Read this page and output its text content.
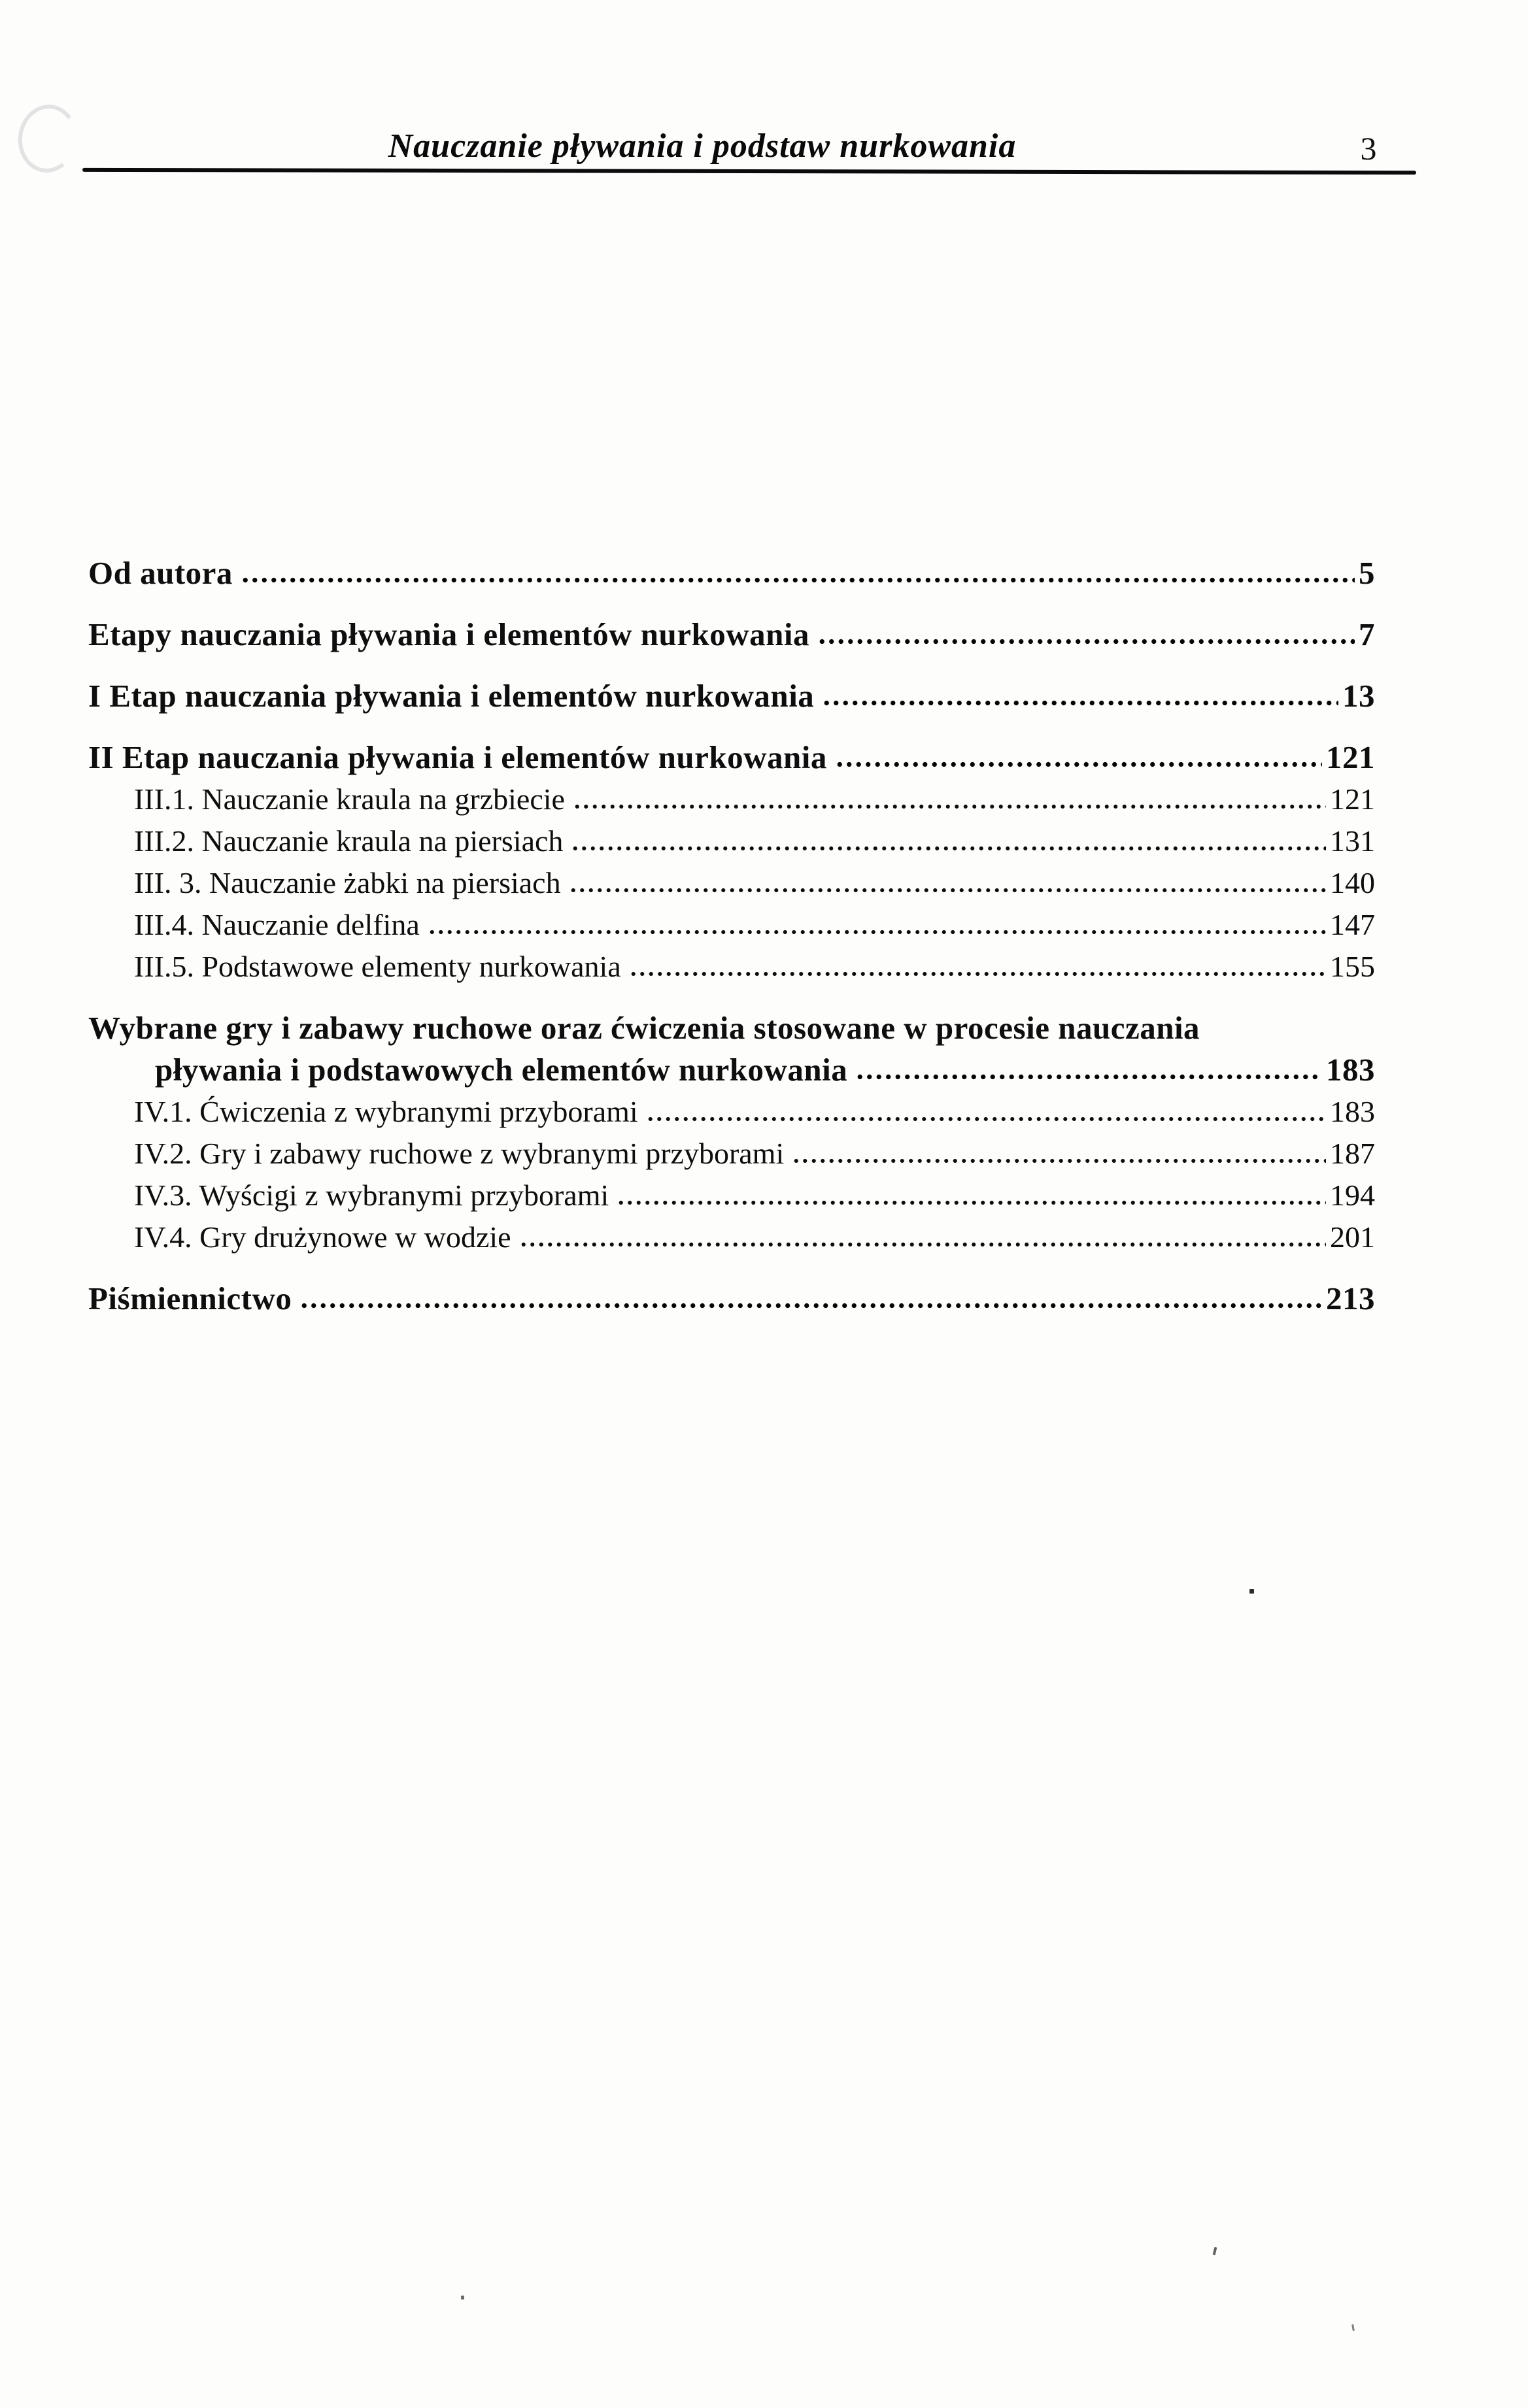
Nauczanie pływania i podstaw nurkowania	3
Od autora	5
Etapy nauczania pływania i elementów nurkowania	7
I Etap nauczania pływania i elementów nurkowania	13
II Etap nauczania pływania i elementów nurkowania	121
III.1. Nauczanie kraula na grzbiecie	121
III.2. Nauczanie kraula na piersiach	131
III. 3. Nauczanie żabki na piersiach	140
III.4. Nauczanie delfina	147
III.5. Podstawowe elementy nurkowania	155
Wybrane gry i zabawy ruchowe oraz ćwiczenia stosowane w procesie nauczania
pływania i podstawowych elementów nurkowania	183
IV.1. Ćwiczenia z wybranymi przyborami	183
IV.2. Gry i zabawy ruchowe z wybranymi przyborami	187
IV.3. Wyścigi z wybranymi przyborami	194
IV.4. Gry drużynowe w wodzie	201
Piśmiennictwo	213
